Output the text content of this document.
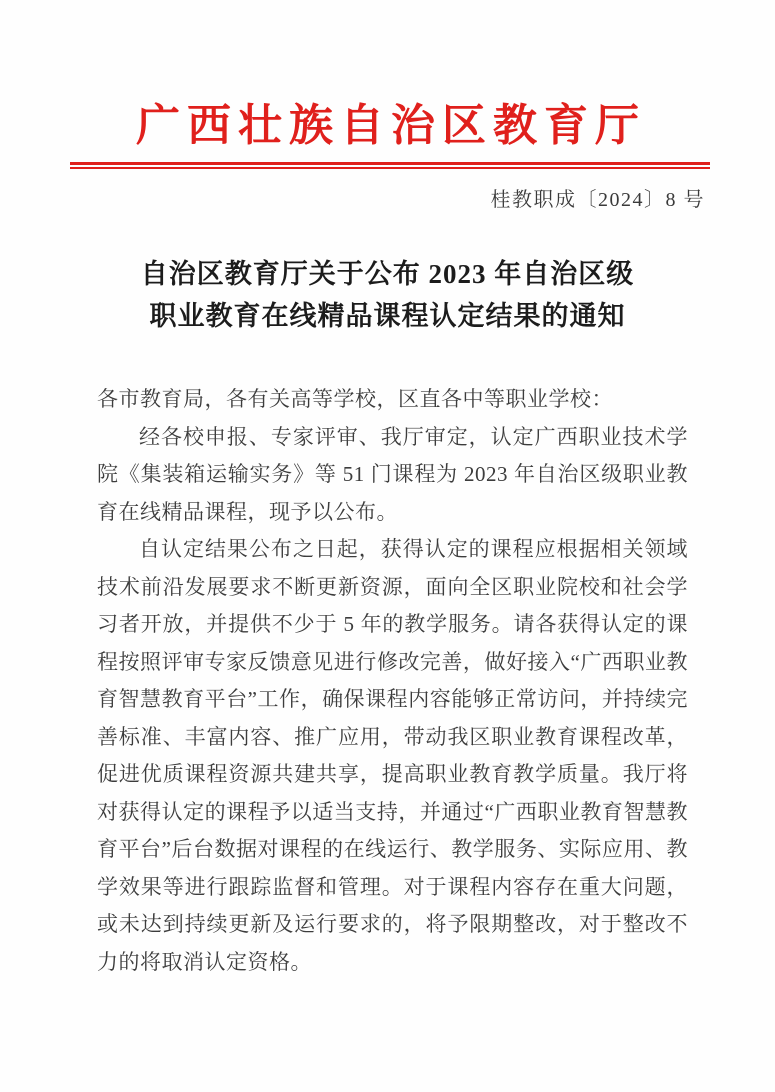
广西壮族自治区教育厅
桂教职成〔2024〕8 号
自治区教育厅关于公布 2023 年自治区级
职业教育在线精品课程认定结果的通知

各市教育局，各有关高等学校，区直各中等职业学校：

经各校申报、专家评审、我厅审定，认定广西职业技术学院《集装箱运输实务》等 51 门课程为 2023 年自治区级职业教育在线精品课程，现予以公布。

自认定结果公布之日起，获得认定的课程应根据相关领域技术前沿发展要求不断更新资源，面向全区职业院校和社会学习者开放，并提供不少于 5 年的教学服务。请各获得认定的课程按照评审专家反馈意见进行修改完善，做好接入“广西职业教育智慧教育平台”工作，确保课程内容能够正常访问，并持续完善标准、丰富内容、推广应用，带动我区职业教育课程改革，促进优质课程资源共建共享，提高职业教育教学质量。我厅将对获得认定的课程予以适当支持，并通过“广西职业教育智慧教育平台”后台数据对课程的在线运行、教学服务、实际应用、教学效果等进行跟踪监督和管理。对于课程内容存在重大问题，或未达到持续更新及运行要求的，将予限期整改，对于整改不力的将取消认定资格。
